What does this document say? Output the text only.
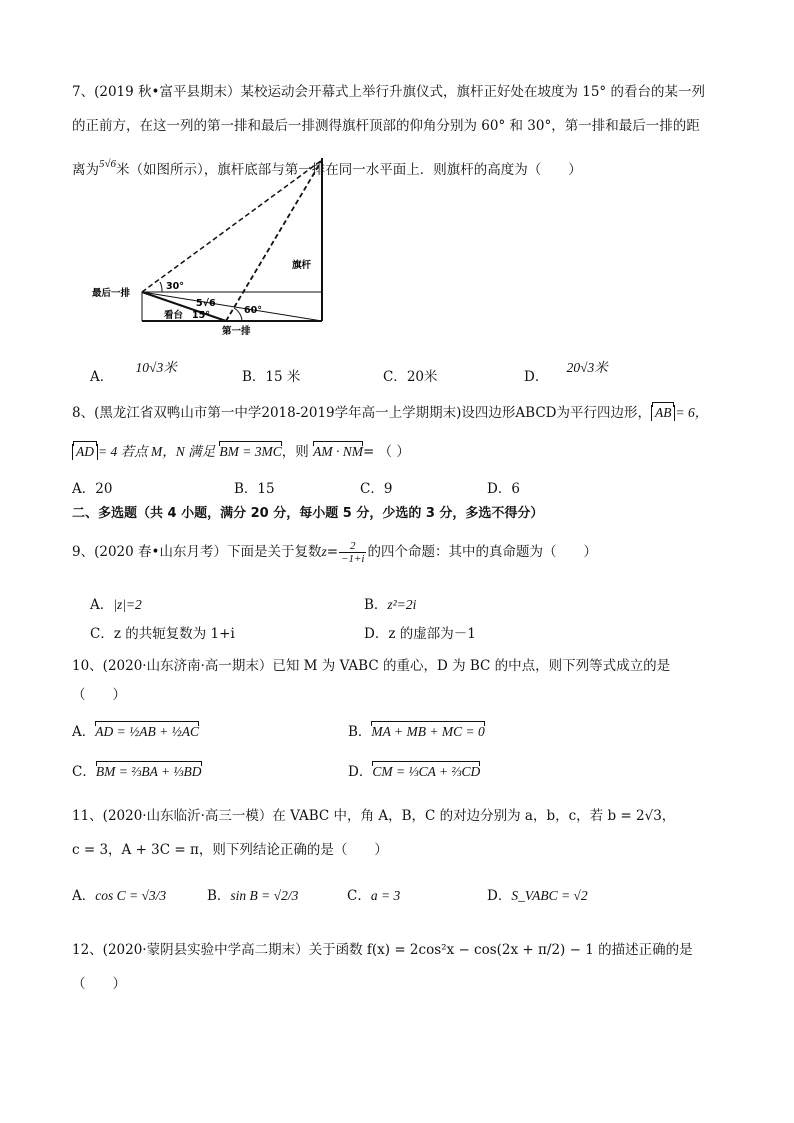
7、(2019 秋•富平县期末）某校运动会开幕式上举行升旗仪式，旗杆正好处在坡度为 15° 的看台的某一列
的正前方，在这一列的第一排和最后一排测得旗杆顶部的仰角分别为 60° 和 30°，第一排和最后一排的距
离为$^{5√6}$米（如图所示），旗杆底部与第一排在同一水平面上．则旗杆的高度为（　　）
最后一排
30°
5√6
看台 15°
第一排
60°
旗杆
A． 10√3米
B．15 米	C．20米	D． 20√3米
8、(黑龙江省双鸭山市第一中学2018-2019学年高一上学期期末)设四边形ABCD为平行四边形， AB = 6，
AD = 4 若点 M，N 满足 BM = 3MC，则 AM · NM= （ ）
A．20	B．15	C．9	D．6
二、多选题（共 4 小题，满分 20 分，每小题 5 分，少选的 3 分，多选不得分）
9、(2020 春•山东月考）下面是关于复数$z= \frac{2}{-1+i}$ 的四个命题：其中的真命题为（　　）
A．|z|=2	B．z²=2i
C．z 的共轭复数为 1+i	D．z 的虚部为－1
10、(2020·山东济南·高一期末）已知 M 为 VABC 的重心，D 为 BC 的中点，则下列等式成立的是
（　　）
A．AD = ½AB + ½AC	B．MA + MB + MC = 0
C．BM = ⅔BA + ⅓BD	D．CM = ⅓CA + ⅔CD
11、(2020·山东临沂·高三一模）在 VABC 中，角 A，B，C 的对边分别为 a，b，c，若 b = 2√3，
c = 3，A + 3C = π，则下列结论正确的是（　　）
A．cos C = √3/3	B．sin B = √2/3	C．a = 3	D．S_VABC = √2
12、(2020·蒙阴县实验中学高二期末）关于函数 f(x) = 2cos²x − cos(2x + π/2) − 1 的描述正确的是
（　　）
